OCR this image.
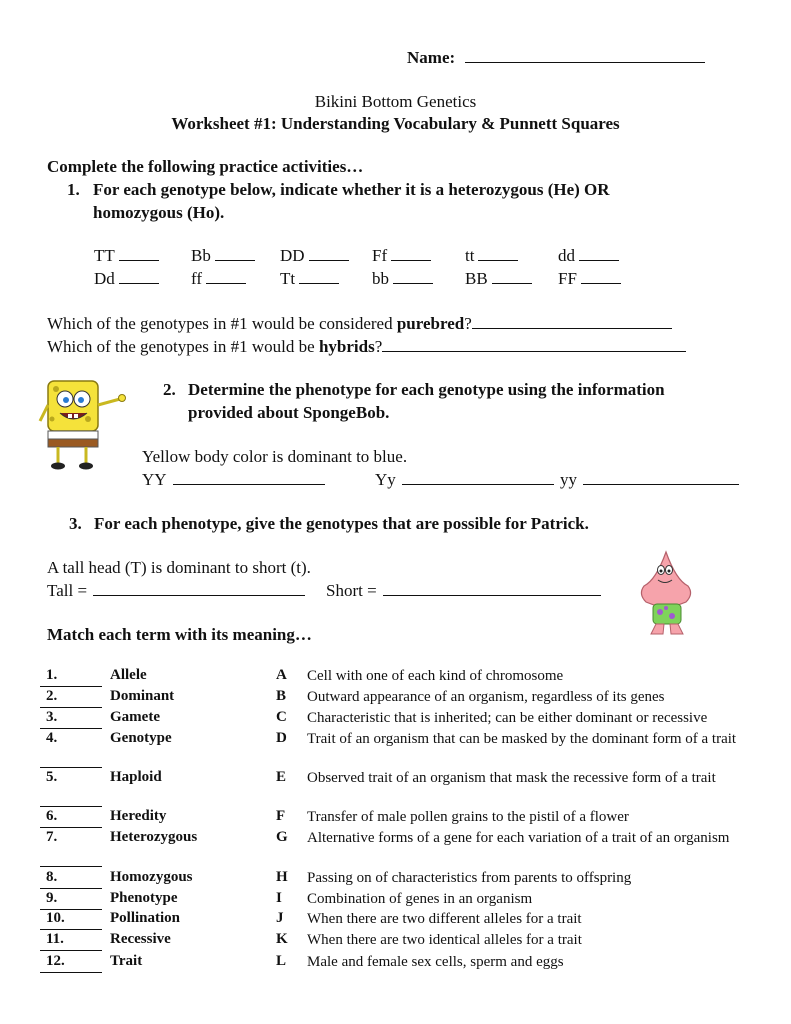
Name:
Bikini Bottom Genetics
Worksheet #1: Understanding Vocabulary & Punnett Squares
Complete the following practice activities…
1. For each genotype below, indicate whether it is a heterozygous (He) OR
homozygous (Ho).
TT	Bb	DD	Ff	tt	dd
Dd	ff	Tt	bb	BB	FF
Which of the genotypes in #1 would be considered purebred?
Which of the genotypes in #1 would be hybrids?
2. Determine the phenotype for each genotype using the information
provided about SpongeBob.
Yellow body color is dominant to blue.
YY	Yy	yy
3. For each phenotype, give the genotypes that are possible for Patrick.
A tall head (T) is dominant to short (t).
Tall =	Short =
Match each term with its meaning…
1.	Allele	A Cell with one of each kind of chromosome
2.	Dominant	B Outward appearance of an organism, regardless of its genes
3.	Gamete	C Characteristic that is inherited; can be either dominant or recessive
4.	Genotype	D Trait of an organism that can be masked by the dominant form of a trait
5.	Haploid	E Observed trait of an organism that mask the recessive form of a trait
6.	Heredity	F Transfer of male pollen grains to the pistil of a flower
7.	Heterozygous	G Alternative forms of a gene for each variation of a trait of an organism
8.	Homozygous	H Passing on of characteristics from parents to offspring
9.	Phenotype	I Combination of genes in an organism
10.	Pollination	J When there are two different alleles for a trait
11.	Recessive	K When there are two identical alleles for a trait
12.	Trait	L Male and female sex cells, sperm and eggs
